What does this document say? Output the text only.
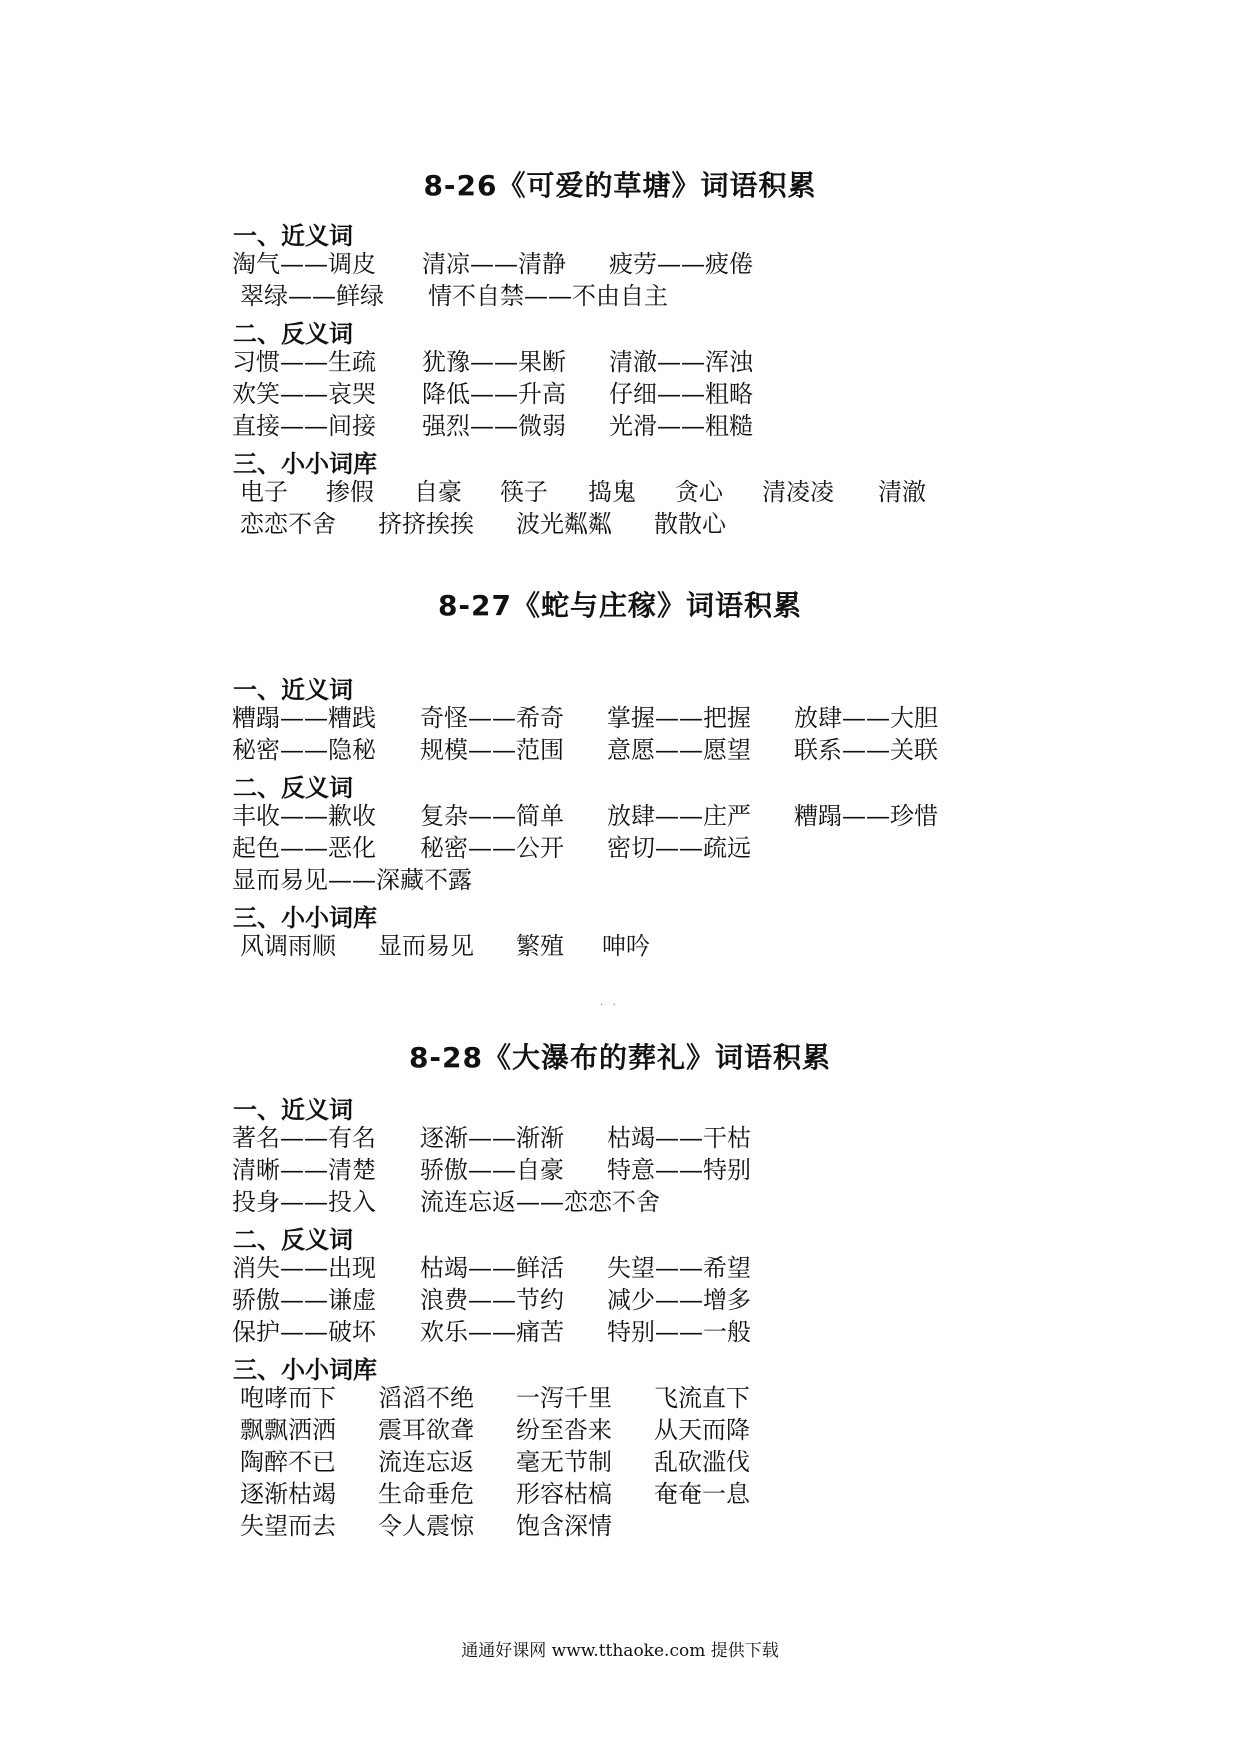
8-26《可爱的草塘》词语积累
一、近义词
淘气——调皮 清凉——清静 疲劳——疲倦
翠绿——鲜绿 情不自禁——不由自主
二、反义词
习惯——生疏 犹豫——果断 清澈——浑浊
欢笑——哀哭 降低——升高 仔细——粗略
直接——间接 强烈——微弱 光滑——粗糙
三、小小词库
电子 掺假 自豪 筷子 捣鬼 贪心 清凌凌 清澈
恋恋不舍 挤挤挨挨 波光粼粼 散散心
8-27《蛇与庄稼》词语积累
一、近义词
糟蹋——糟践 奇怪——希奇 掌握——把握 放肆——大胆
秘密——隐秘 规模——范围 意愿——愿望 联系——关联
二、反义词
丰收——歉收 复杂——简单 放肆——庄严 糟蹋——珍惜
起色——恶化 秘密——公开 密切——疏远
显而易见——深藏不露
三、小小词库
风调雨顺 显而易见 繁殖 呻吟
·   ·
8-28《大瀑布的葬礼》词语积累
一、近义词
著名——有名 逐渐——渐渐 枯竭——干枯
清晰——清楚 骄傲——自豪 特意——特别
投身——投入 流连忘返——恋恋不舍
二、反义词
消失——出现 枯竭——鲜活 失望——希望
骄傲——谦虚 浪费——节约 减少——增多
保护——破坏 欢乐——痛苦 特别——一般
三、小小词库
咆哮而下 滔滔不绝 一泻千里 飞流直下
飘飘洒洒 震耳欲聋 纷至沓来 从天而降
陶醉不已 流连忘返 毫无节制 乱砍滥伐
逐渐枯竭 生命垂危 形容枯槁 奄奄一息
失望而去 令人震惊 饱含深情
通通好课网 www.tthaoke.com 提供下载
